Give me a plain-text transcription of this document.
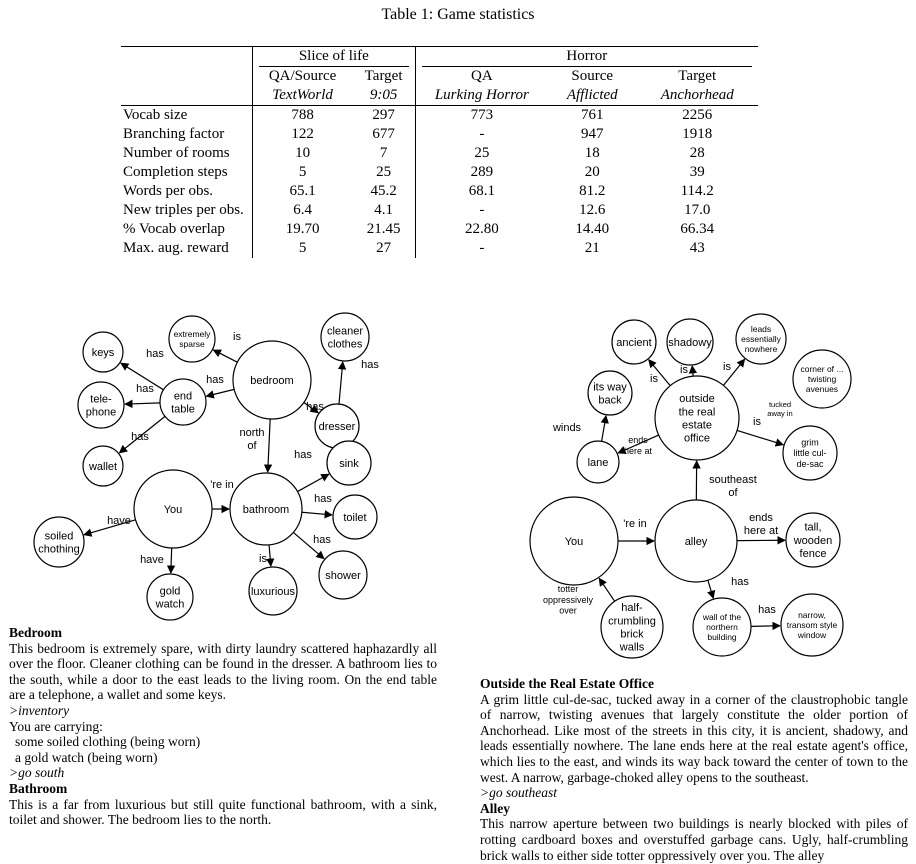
Table 1: Game statistics
	Slice of life		Horror		
	QA/Source	Target	QA	Source	Target
	TextWorld	9:05	Lurking Horror	Afflicted	Anchorhead
Vocab size	788	297	773	761	2256
Branching factor	122	677	-	947	1918
Number of rooms	10	7	25	18	28
Completion steps	5	25	289	20	39
Words per obs.	65.1	45.2	68.1	81.2	114.2
New triples per obs.	6.4	4.1	-	12.6	17.0
% Vocab overlap	19.70	21.45	22.80	14.40	66.34
Max. aug. reward	5	27	-	21	43
keys
extremely
sparse
cleaner
clothes
bedroom
end
table
tele-
phone
dresser
wallet	sink
You	bathroom
toilet
soiled
chothing
shower
gold
watch
luxurious
is
has
has
has
has
has
has
north
of
has
're in
has
has
have
have	is
ancient shadowy
leads
essentially
nowhere
corner of ...
twisting
avenues
its way
back	outside
the real
estate
office	grim
little cul-
de-sac
lane
You	alley
tall,
wooden
fence
half-
crumbling
brick
walls
wall of the
northern
building
narrow,
transom style
window
is
is	is
tucked
away in
is
winds
ends
here at
southeast
of
're in	ends
here at
has
has
totter
oppressively
over
Bedroom
This bedroom is extremely spare, with dirty laundry scattered haphazardly all over the floor. Cleaner clothing can be found in the dresser. A bathroom lies to the south, while a door to the east leads to the living room. On the end table are a telephone, a wallet and some keys.
>inventory
You are carrying:
some soiled clothing (being worn)
a gold watch (being worn)
>go south
Bathroom
This is a far from luxurious but still quite functional bathroom, with a sink, toilet and shower. The bedroom lies to the north.
Outside the Real Estate Office
A grim little cul-de-sac, tucked away in a corner of the claustrophobic tangle of narrow, twisting avenues that largely constitute the older portion of Anchorhead. Like most of the streets in this city, it is ancient, shadowy, and leads essentially nowhere. The lane ends here at the real estate agent's office, which lies to the east, and winds its way back toward the center of town to the west. A narrow, garbage-choked alley opens to the southeast.
>go southeast
Alley
This narrow aperture between two buildings is nearly blocked with piles of rotting cardboard boxes and overstuffed garbage cans. Ugly, half-crumbling brick walls to either side totter oppressively over you. The alley
